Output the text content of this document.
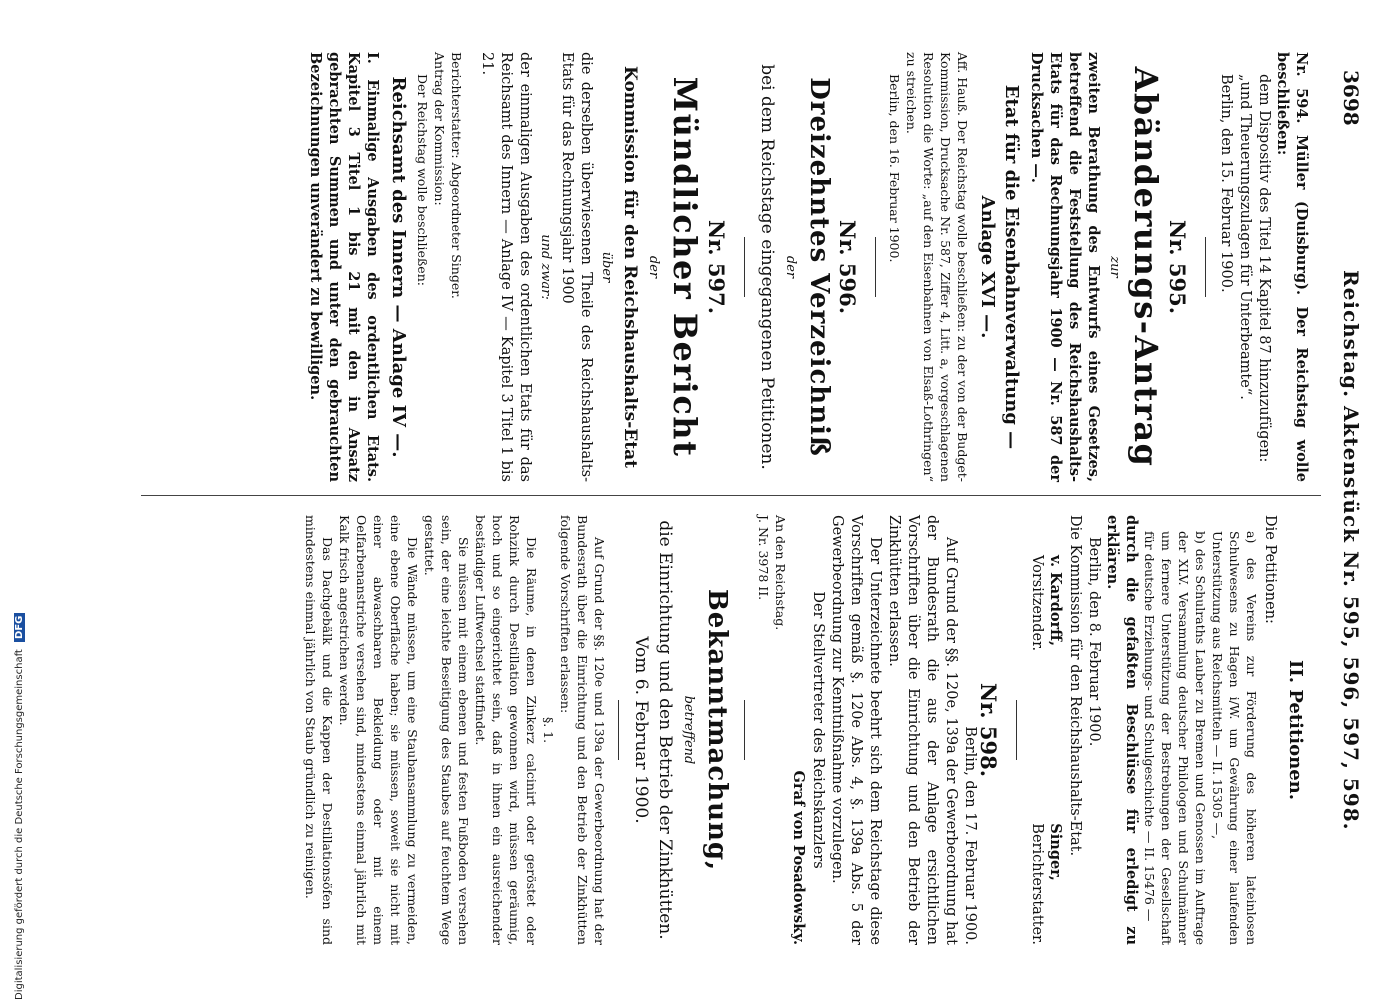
3698
Reichstag. Aktenstück Nr. 595, 596, 597, 598.

Nr. 594. Müller (Duisburg). Der Reichstag wolle beschließen:

dem Dispositiv des Titel 14 Kapitel 87 hinzuzufügen:

„und Theuerungszulagen für Unterbeamte“.

Berlin, den 15. Februar 1900.

Nr. 595.

Abänderungs-Antrag

zur

zweiten Berathung des Entwurfs eines Gesetzes, betreffend die Feststellung des Reichshaushalts-Etats für das Rechnungsjahr 1900 — Nr. 587 der Drucksachen —.

Etat für die Eisenbahnverwaltung — Anlage XVI —.

Aff. Hauß. Der Reichstag wolle beschließen: zu der von der Budget-Kommission, Drucksache Nr. 587, Ziffer 4, Litt. a, vorgeschlagenen Resolution die Worte: „auf den Eisenbahnen von Elsaß-Lothringen“ zu streichen.

Berlin, den 16. Februar 1900.

Nr. 596.

Dreizehntes Verzeichniß

der

bei dem Reichstage eingegangenen Petitionen.

Nr. 597.

Mündlicher Bericht

der

Kommission für den Reichshaushalts-Etat

über

die derselben überwiesenen Theile des Reichshaushalts-Etats für das Rechnungsjahr 1900

und zwar:

der einmaligen Ausgaben des ordentlichen Etats für das Reichsamt des Innern — Anlage IV — Kapitel 3 Titel 1 bis 21.

Berichterstatter: Abgeordneter Singer.

Antrag der Kommission:

Der Reichstag wolle beschließen:

Reichsamt des Innern — Anlage IV —.

I. Einmalige Ausgaben des ordentlichen Etats. Kapitel 3 Titel 1 bis 21 mit den in Ansatz gebrachten Summen und unter den gebrauchten Bezeichnungen unverändert zu bewilligen.

II. Petitionen.

Die Petitionen:

a) des Vereins zur Förderung des höheren lateinlosen Schulwesens zu Hagen i/W. um Gewährung einer laufenden Unterstützung aus Reichsmitteln — II. 15305 —,

b) des Schulraths Lauber zu Bremen und Genossen im Auftrage der XLV. Versammlung deutscher Philologen und Schulmänner um fernere Unterstützung der Bestrebungen der Gesellschaft für deutsche Erziehungs- und Schulgeschichte — II. 15476 —

durch die gefaßten Beschlüsse für erledigt zu erklären.

Berlin, den 8. Februar 1900.

Die Kommission für den Reichshaushalts-Etat.

v. Kardorff,
Vorsitzender.
Singer,
Berichterstatter.

Nr. 598.

Berlin, den 17. Februar 1900.

Auf Grund der §§. 120e, 139a der Gewerbeordnung hat der Bundesrath die aus der Anlage ersichtlichen Vorschriften über die Einrichtung und den Betrieb der Zinkhütten erlassen.

Der Unterzeichnete beehrt sich dem Reichstage diese Vorschriften gemäß §. 120e Abs. 4, §. 139a Abs. 5 der Gewerbeordnung zur Kenntnißnahme vorzulegen.

Der Stellvertreter des Reichskanzlers

Graf von Posadowsky.

An den Reichstag.

J. Nr. 3978 II.

Bekanntmachung,

betreffend

die Einrichtung und den Betrieb der Zinkhütten.

Vom 6. Februar 1900.

Auf Grund der §§. 120e und 139a der Gewerbeordnung hat der Bundesrath über die Einrichtung und den Betrieb der Zinkhütten folgende Vorschriften erlassen:

§. 1.

Die Räume, in denen Zinkerz calcinirt oder geröstet oder Rohzink durch Destillation gewonnen wird, müssen geräumig, hoch und so eingerichtet sein, daß in ihnen ein ausreichender beständiger Luftwechsel stattfindet.

Sie müssen mit einem ebenen und festen Fußboden versehen sein, der eine leichte Beseitigung des Staubes auf feuchtem Wege gestattet.

Die Wände müssen, um eine Staubansammlung zu vermeiden, eine ebene Oberfläche haben; sie müssen, soweit sie nicht mit einer abwaschbaren Bekleidung oder mit einem Oelfarbenanstriche versehen sind, mindestens einmal jährlich mit Kalk frisch angestrichen werden.

Das Dachgebälk und die Kappen der Destillationsöfen sind mindestens einmal jährlich von Staub gründlich zu reinigen.

Digitalisierung gefördert durch die Deutsche Forschungsgemeinschaft DFG
